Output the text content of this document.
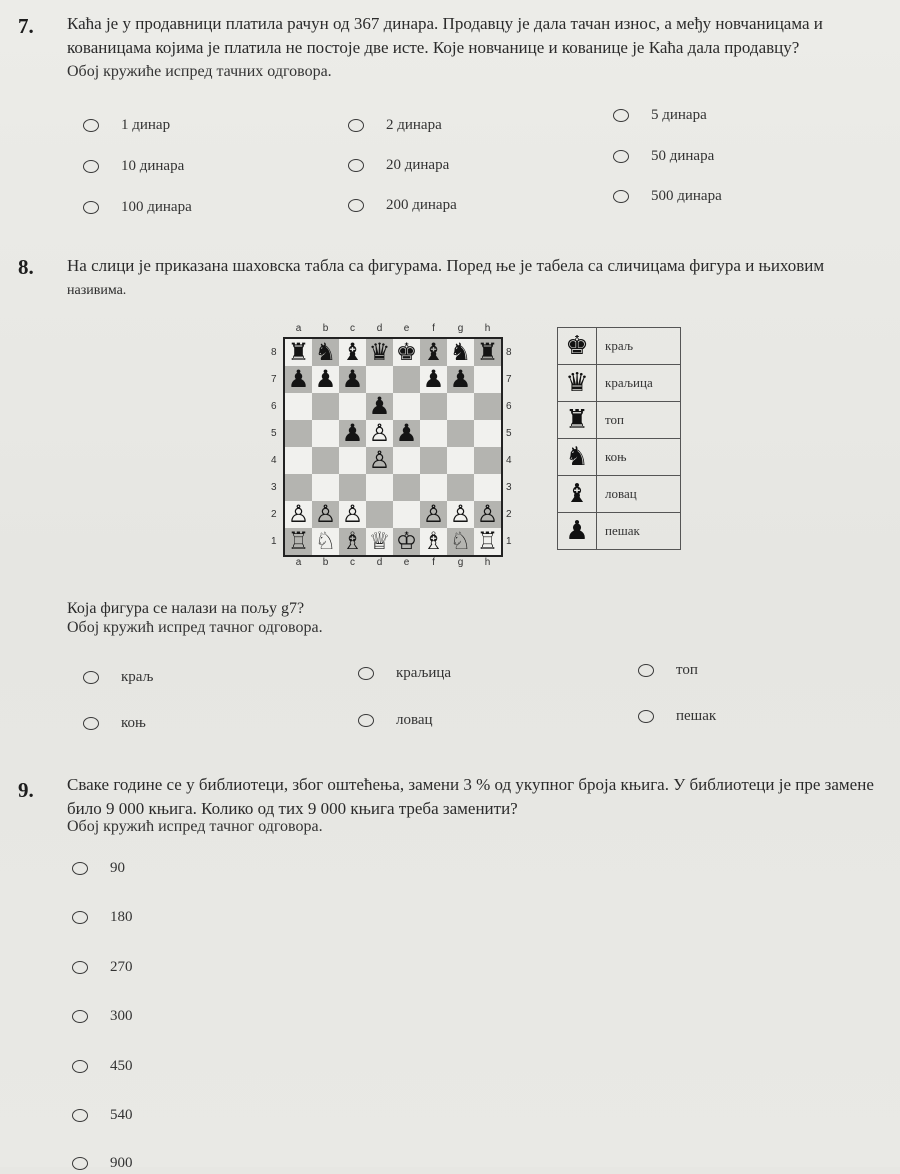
7. Каћа је у продавници платила рачун од 367 динара. Продавцу је дала тачан износ, а међу новчаницама и
кованицама којима је платила не постоје две исте. Које новчанице и кованице је Каћа дала продавцу?
Обој кружиће испред тачних одговора.
1 динар	2 динара
5 динара
10 динара	20 динара
50 динара
100 динара	200 динара
500 динара
8. На слици је приказана шаховска табла са фигурама. Поред ње је табела са сличицама фигура и њиховим
називима.
a	b	c	d	e	f	g	h
a	b	c	d	e	f	g	h
8
7
6
5
4
3
2
1
8
7
6
5
4
3
2
1
♜ ♞ ♝ ♛ ♚ ♝ ♞ ♜
♟ ♟ ♟ ♟ ♟
♟
♟ ♙ ♟
♙
♙ ♙ ♙ ♙ ♙ ♙
♖ ♘ ♗ ♕ ♔ ♗ ♘ ♖
♚	краљ
♛	краљица
♜	топ
♞	коњ
♝	ловац
♟	пешак
Која фигура се налази на пољу g7?
Обој кружић испред тачног одговора.
краљ	краљица	топ
коњ	ловац	пешак
9. Сваке године се у библиотеци, због оштећења, замени 3 % од укупног броја књига. У библиотеци је пре замене
било 9 000 књига. Колико од тих 9 000 књига треба заменити?
Обој кружић испред тачног одговора.
90
180
270
300
450
540
900
